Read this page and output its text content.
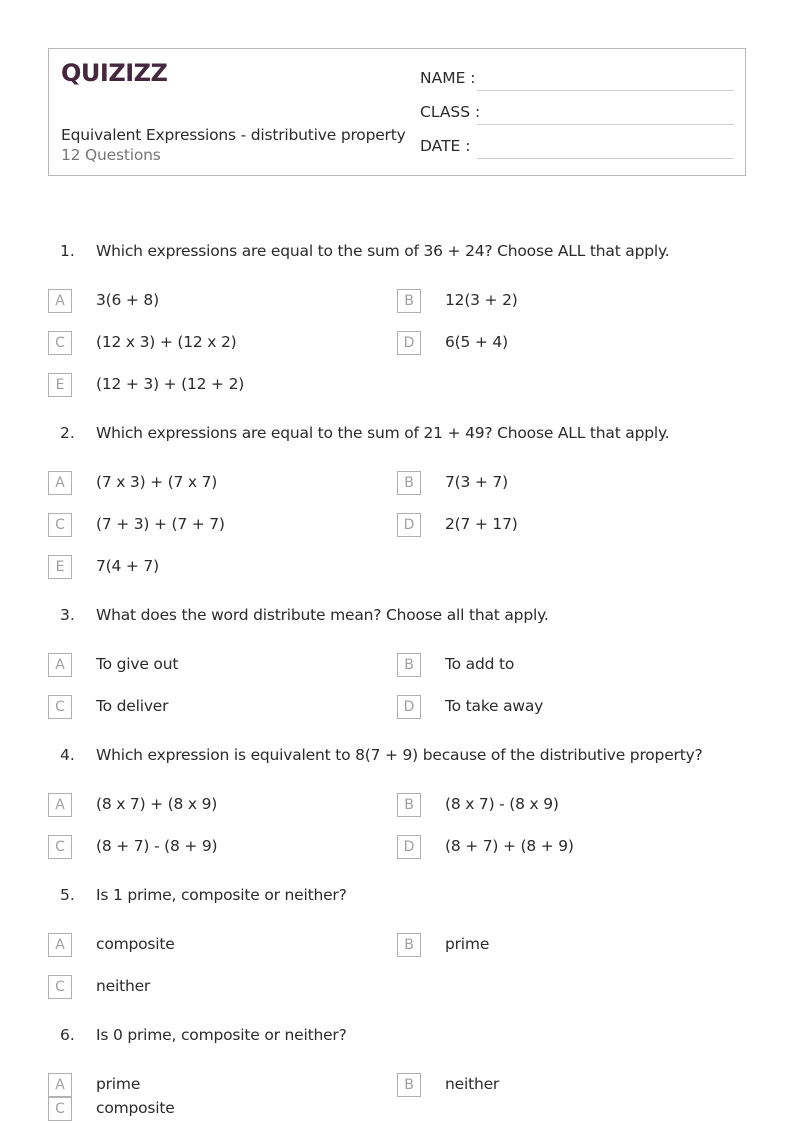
QUIZIZZ
Equivalent Expressions - distributive property
12 Questions
NAME :
CLASS :
DATE :
1. Which expressions are equal to the sum of 36 + 24? Choose ALL that apply.
A	3(6 + 8)	B	12(3 + 2)
C	(12 x 3) + (12 x 2)	D	6(5 + 4)
E	(12 + 3) + (12 + 2)
2. Which expressions are equal to the sum of 21 + 49? Choose ALL that apply.
A	(7 x 3) + (7 x 7)	B	7(3 + 7)
C	(7 + 3) + (7 + 7)	D	2(7 + 17)
E	7(4 + 7)
3. What does the word distribute mean? Choose all that apply.
A	To give out	B	To add to
C	To deliver	D	To take away
4. Which expression is equivalent to 8(7 + 9) because of the distributive property?
A	(8 x 7) + (8 x 9)	B	(8 x 7) - (8 x 9)
C	(8 + 7) - (8 + 9)	D	(8 + 7) + (8 + 9)
5. Is 1 prime, composite or neither?
A	composite	B	prime
C	neither
6. Is 0 prime, composite or neither?
A	prime	B	neither
C	composite
